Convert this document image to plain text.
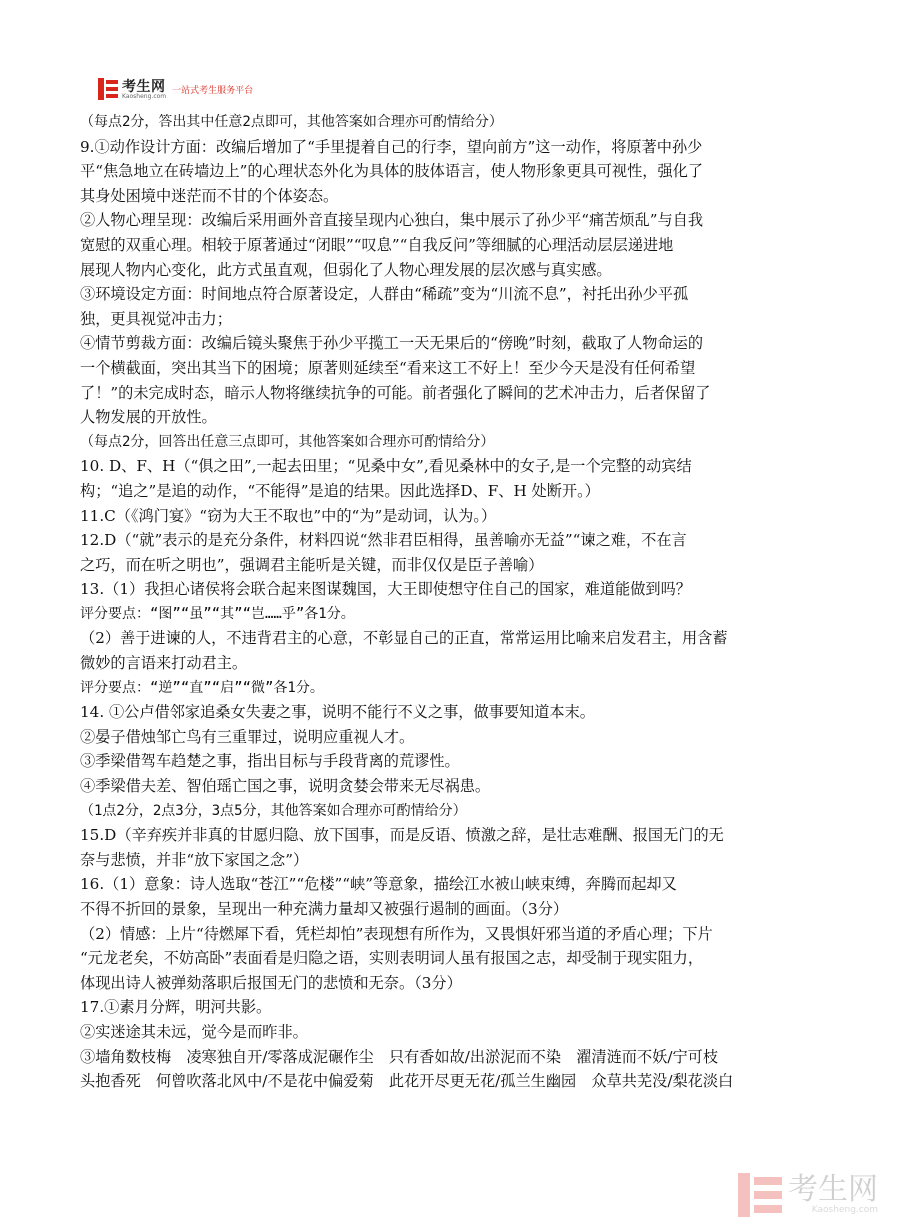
考生网
Kaosheng.com
一站式考生服务平台
（每点2分，答出其中任意2点即可，其他答案如合理亦可酌情给分）
9.①动作设计方面：改编后增加了“手里提着自己的行李，望向前方”这一动作，将原著中孙少
平“焦急地立在砖墙边上”的心理状态外化为具体的肢体语言，使人物形象更具可视性，强化了
其身处困境中迷茫而不甘的个体姿态。
②人物心理呈现：改编后采用画外音直接呈现内心独白，集中展示了孙少平“痛苦烦乱”与自我
宽慰的双重心理。相较于原著通过“闭眼”“叹息”“自我反问”等细腻的心理活动层层递进地
展现人物内心变化，此方式虽直观，但弱化了人物心理发展的层次感与真实感。
③环境设定方面：时间地点符合原著设定，人群由“稀疏”变为“川流不息”，衬托出孙少平孤
独，更具视觉冲击力；
④情节剪裁方面：改编后镜头聚焦于孙少平揽工一天无果后的“傍晚”时刻，截取了人物命运的
一个横截面，突出其当下的困境；原著则延续至“看来这工不好上！至少今天是没有任何希望
了！”的未完成时态，暗示人物将继续抗争的可能。前者强化了瞬间的艺术冲击力，后者保留了
人物发展的开放性。
（每点2分，回答出任意三点即可，其他答案如合理亦可酌情给分）
10. D、F、H（“俱之田”,一起去田里；“见桑中女”,看见桑林中的女子,是一个完整的动宾结
构；“追之”是追的动作，“不能得”是追的结果。因此选择D、F、H 处断开。）
11.C（《鸿门宴》“窃为大王不取也”中的“为”是动词，认为。）
12.D（“就”表示的是充分条件，材料四说“然非君臣相得，虽善喻亦无益”“谏之难，不在言
之巧，而在听之明也”，强调君主能听是关键，而非仅仅是臣子善喻）
13.（1）我担心诸侯将会联合起来图谋魏国，大王即使想守住自己的国家，难道能做到吗？
评分要点：“图”“虽”“其”“岂……乎”各1分。
（2）善于进谏的人，不违背君主的心意，不彰显自己的正直，常常运用比喻来启发君主，用含蓄
微妙的言语来打动君主。
评分要点：“逆”“直”“启”“微”各1分。
14. ①公卢借邻家追桑女失妻之事，说明不能行不义之事，做事要知道本末。
②晏子借烛邹亡鸟有三重罪过，说明应重视人才。
③季梁借驾车趋楚之事，指出目标与手段背离的荒谬性。
④季梁借夫差、智伯瑶亡国之事，说明贪婪会带来无尽祸患。
（1点2分，2点3分，3点5分，其他答案如合理亦可酌情给分）
15.D（辛弃疾并非真的甘愿归隐、放下国事，而是反语、愤激之辞，是壮志难酬、报国无门的无
奈与悲愤，并非“放下家国之念”）
16.（1）意象：诗人选取“苍江”“危楼”“峡”等意象，描绘江水被山峡束缚，奔腾而起却又
不得不折回的景象，呈现出一种充满力量却又被强行遏制的画面。（3分）
（2）情感：上片“待燃犀下看，凭栏却怕”表现想有所作为，又畏惧奸邪当道的矛盾心理；下片
“元龙老矣，不妨高卧”表面看是归隐之语，实则表明词人虽有报国之志，却受制于现实阻力，
体现出诗人被弹劾落职后报国无门的悲愤和无奈。（3分）
17.①素月分辉，明河共影。
②实迷途其未远，觉今是而昨非。
③墙角数枝梅　凌寒独自开/零落成泥碾作尘　只有香如故/出淤泥而不染　濯清涟而不妖/宁可枝
头抱香死　何曾吹落北风中/不是花中偏爱菊　此花开尽更无花/孤兰生幽园　众草共芜没/梨花淡白
考生网
Kaosheng.com
